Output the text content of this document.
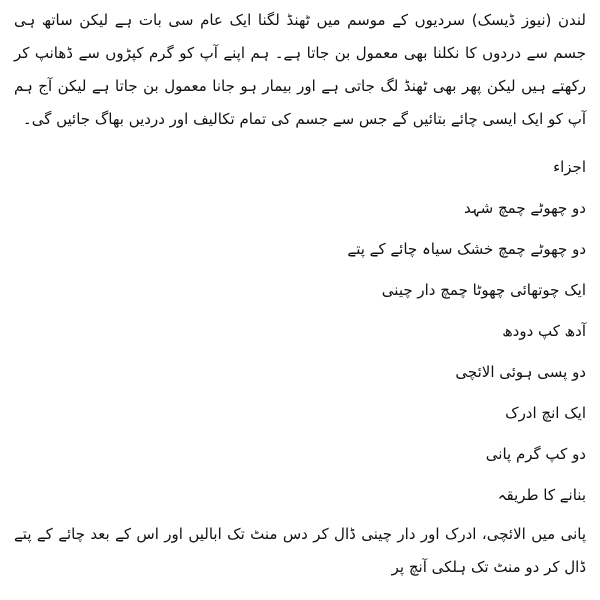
لندن (نیوز ڈیسک) سردیوں کے موسم میں ٹھنڈ لگنا ایک عام سی بات ہے لیکن ساتھ ہی جسم سے دردوں کا نکلنا بھی معمول بن جاتا ہے۔ ہم اپنے آپ کو گرم کپڑوں سے ڈھانپ کر رکھتے ہیں لیکن پھر بھی ٹھنڈ لگ جاتی ہے اور بیمار ہو جانا معمول بن جاتا ہے لیکن آج ہم آپ کو ایک ایسی چائے بتائیں گے جس سے جسم کی تمام تکالیف اور دردیں بھاگ جائیں گی۔

اجزاء

دو چھوٹے چمچ شہد

دو چھوٹے چمچ خشک سیاہ چائے کے پتے

ایک چوتھائی چھوٹا چمچ دار چینی

آدھ کپ دودھ

دو پسی ہوئی الائچی

ایک انچ ادرک

دو کپ گرم پانی

بنانے کا طریقہ

پانی میں الائچی، ادرک اور دار چینی ڈال کر دس منٹ تک ابالیں اور اس کے بعد چائے کے پتے ڈال کر دو منٹ تک ہلکی آنچ پر
